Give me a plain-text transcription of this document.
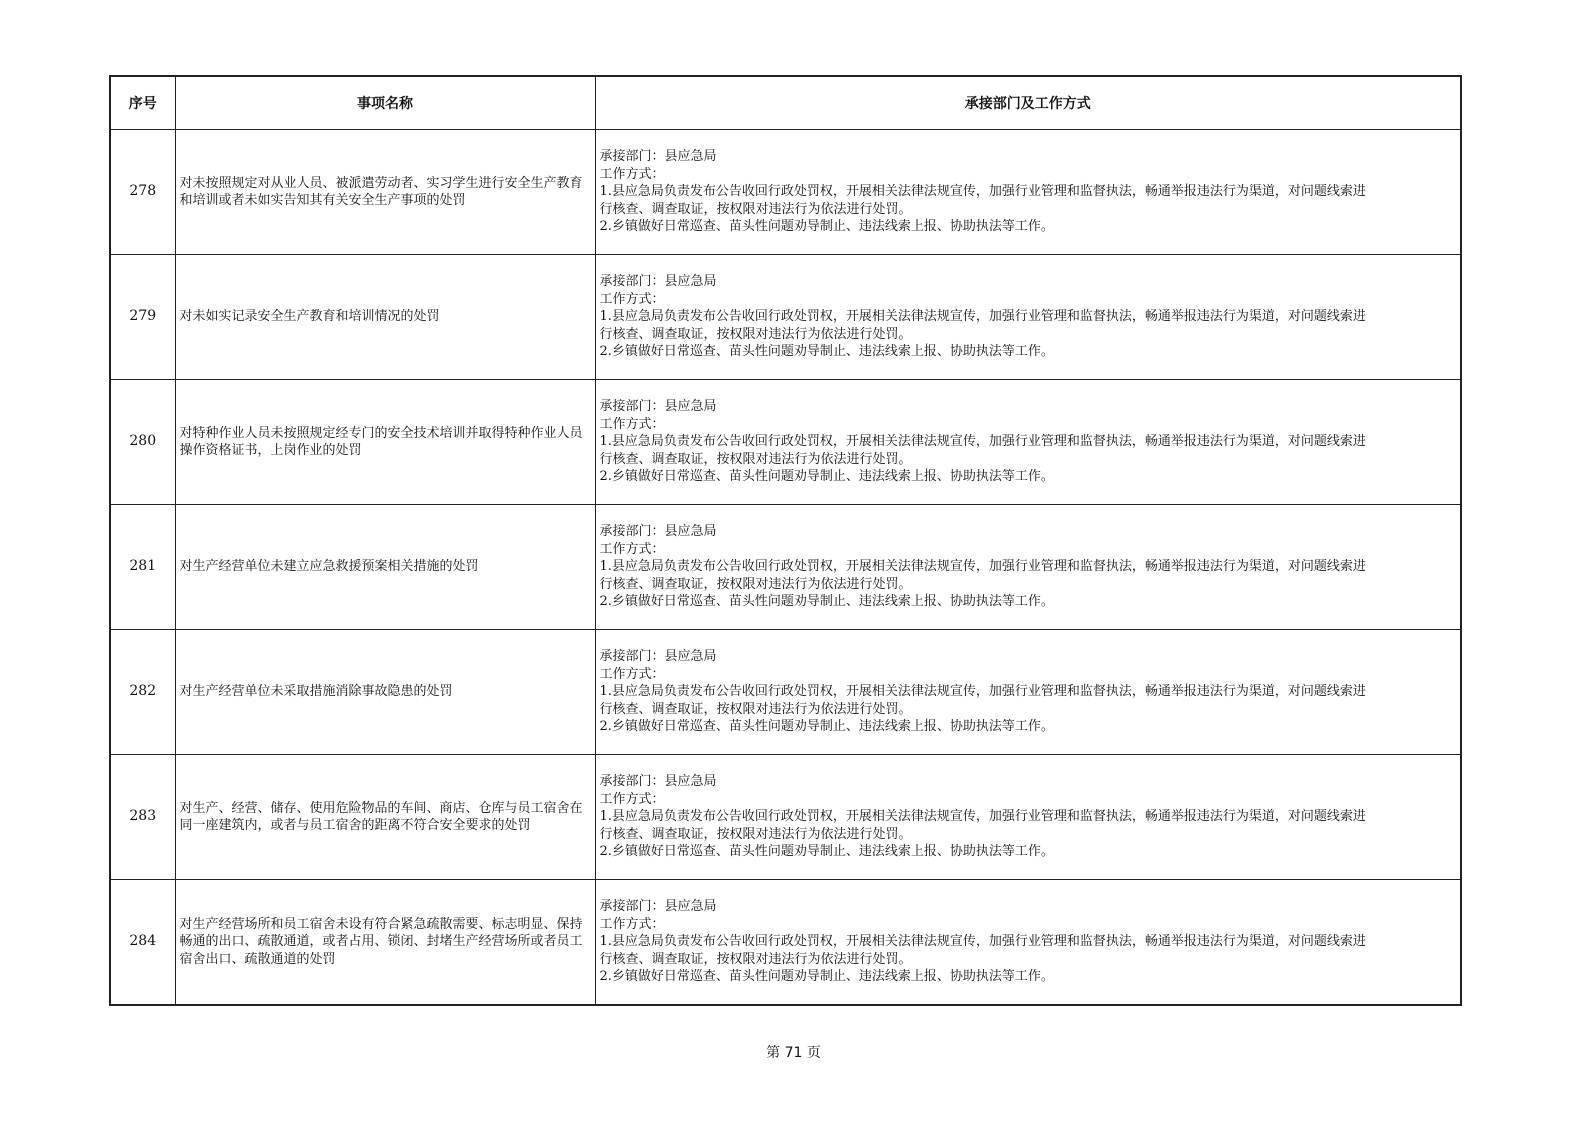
序号	事项名称	承接部门及工作方式
278	对未按照规定对从业人员、被派遣劳动者、实习学生进行安全生产教育和培训或者未如实告知其有关安全生产事项的处罚	承接部门：县应急局
工作方式：
1.县应急局负责发布公告收回行政处罚权，开展相关法律法规宣传，加强行业管理和监督执法，畅通举报违法行为渠道，对问题线索进
行核查、调查取证，按权限对违法行为依法进行处罚。
2.乡镇做好日常巡查、苗头性问题劝导制止、违法线索上报、协助执法等工作。

279	对未如实记录安全生产教育和培训情况的处罚	承接部门：县应急局
工作方式：
1.县应急局负责发布公告收回行政处罚权，开展相关法律法规宣传，加强行业管理和监督执法，畅通举报违法行为渠道，对问题线索进
行核查、调查取证，按权限对违法行为依法进行处罚。
2.乡镇做好日常巡查、苗头性问题劝导制止、违法线索上报、协助执法等工作。

280	对特种作业人员未按照规定经专门的安全技术培训并取得特种作业人员操作资格证书，上岗作业的处罚	承接部门：县应急局
工作方式：
1.县应急局负责发布公告收回行政处罚权，开展相关法律法规宣传，加强行业管理和监督执法，畅通举报违法行为渠道，对问题线索进
行核查、调查取证，按权限对违法行为依法进行处罚。
2.乡镇做好日常巡查、苗头性问题劝导制止、违法线索上报、协助执法等工作。

281	对生产经营单位未建立应急救援预案相关措施的处罚	承接部门：县应急局
工作方式：
1.县应急局负责发布公告收回行政处罚权，开展相关法律法规宣传，加强行业管理和监督执法，畅通举报违法行为渠道，对问题线索进
行核查、调查取证，按权限对违法行为依法进行处罚。
2.乡镇做好日常巡查、苗头性问题劝导制止、违法线索上报、协助执法等工作。

282	对生产经营单位未采取措施消除事故隐患的处罚	承接部门：县应急局
工作方式：
1.县应急局负责发布公告收回行政处罚权，开展相关法律法规宣传，加强行业管理和监督执法，畅通举报违法行为渠道，对问题线索进
行核查、调查取证，按权限对违法行为依法进行处罚。
2.乡镇做好日常巡查、苗头性问题劝导制止、违法线索上报、协助执法等工作。

283	对生产、经营、储存、使用危险物品的车间、商店、仓库与员工宿舍在同一座建筑内，或者与员工宿舍的距离不符合安全要求的处罚	承接部门：县应急局
工作方式：
1.县应急局负责发布公告收回行政处罚权，开展相关法律法规宣传，加强行业管理和监督执法，畅通举报违法行为渠道，对问题线索进
行核查、调查取证，按权限对违法行为依法进行处罚。
2.乡镇做好日常巡查、苗头性问题劝导制止、违法线索上报、协助执法等工作。

284	对生产经营场所和员工宿舍未设有符合紧急疏散需要、标志明显、保持畅通的出口、疏散通道，或者占用、锁闭、封堵生产经营场所或者员工宿舍出口、疏散通道的处罚	承接部门：县应急局
工作方式：
1.县应急局负责发布公告收回行政处罚权，开展相关法律法规宣传，加强行业管理和监督执法，畅通举报违法行为渠道，对问题线索进
行核查、调查取证，按权限对违法行为依法进行处罚。
2.乡镇做好日常巡查、苗头性问题劝导制止、违法线索上报、协助执法等工作。
第 71 页
